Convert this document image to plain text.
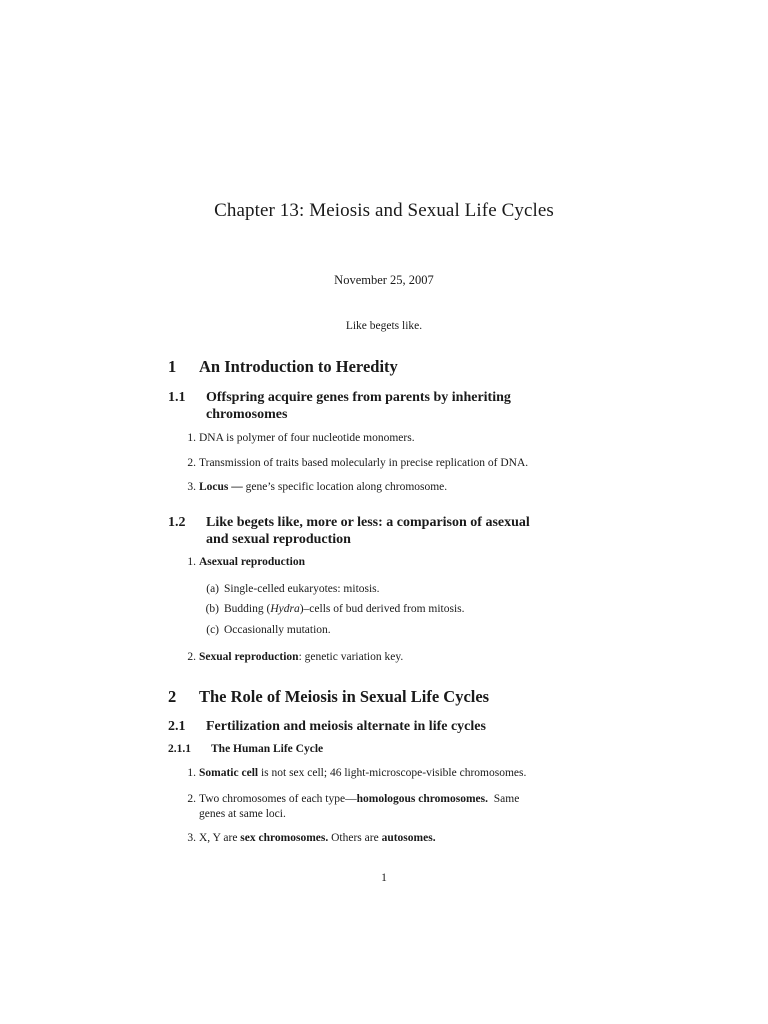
Chapter 13: Meiosis and Sexual Life Cycles
November 25, 2007
Like begets like.
1 An Introduction to Heredity
1.1 Offspring acquire genes from parents by inheriting
chromosomes
1. DNA is polymer of four nucleotide monomers.
2. Transmission of traits based molecularly in precise replication of DNA.
3. Locus — gene’s specific location along chromosome.
1.2 Like begets like, more or less: a comparison of asexual
and sexual reproduction
1. Asexual reproduction
(a) Single-celled eukaryotes: mitosis.
(b) Budding (Hydra)–cells of bud derived from mitosis.
(c) Occasionally mutation.
2. Sexual reproduction: genetic variation key.
2 The Role of Meiosis in Sexual Life Cycles
2.1 Fertilization and meiosis alternate in life cycles
2.1.1 The Human Life Cycle
1. Somatic cell is not sex cell; 46 light-microscope-visible chromosomes.
2. Two chromosomes of each type—homologous chromosomes.  Same
genes at same loci.
3. X, Y are sex chromosomes. Others are autosomes.
1
